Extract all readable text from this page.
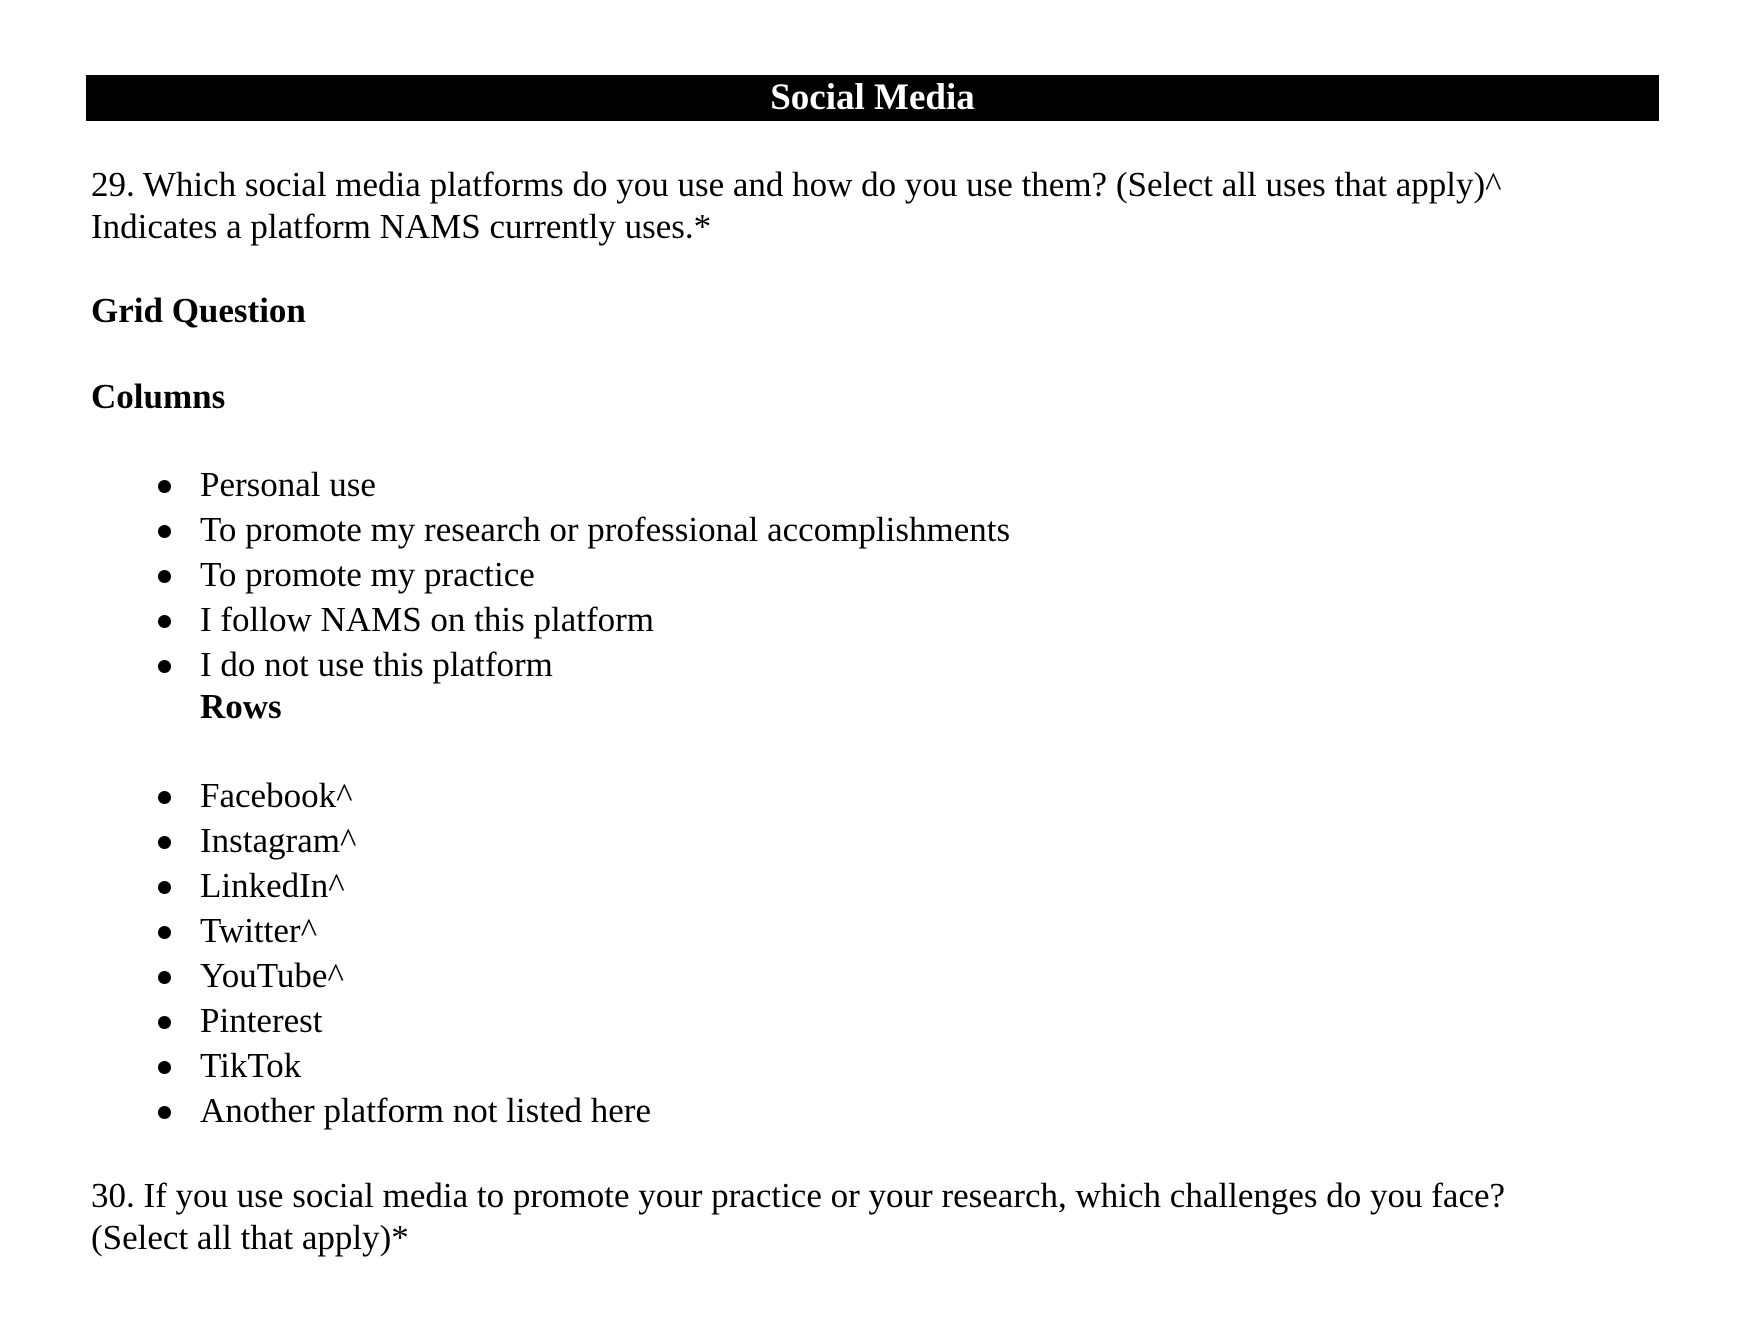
Social Media
29. Which social media platforms do you use and how do you use them? (Select all uses that apply)^
Indicates a platform NAMS currently uses.*
Grid Question
Columns
Personal use
To promote my research or professional accomplishments
To promote my practice
I follow NAMS on this platform
I do not use this platform
Rows
Facebook^
Instagram^
LinkedIn^
Twitter^
YouTube^
Pinterest
TikTok
Another platform not listed here
30. If you use social media to promote your practice or your research, which challenges do you face?
(Select all that apply)*
